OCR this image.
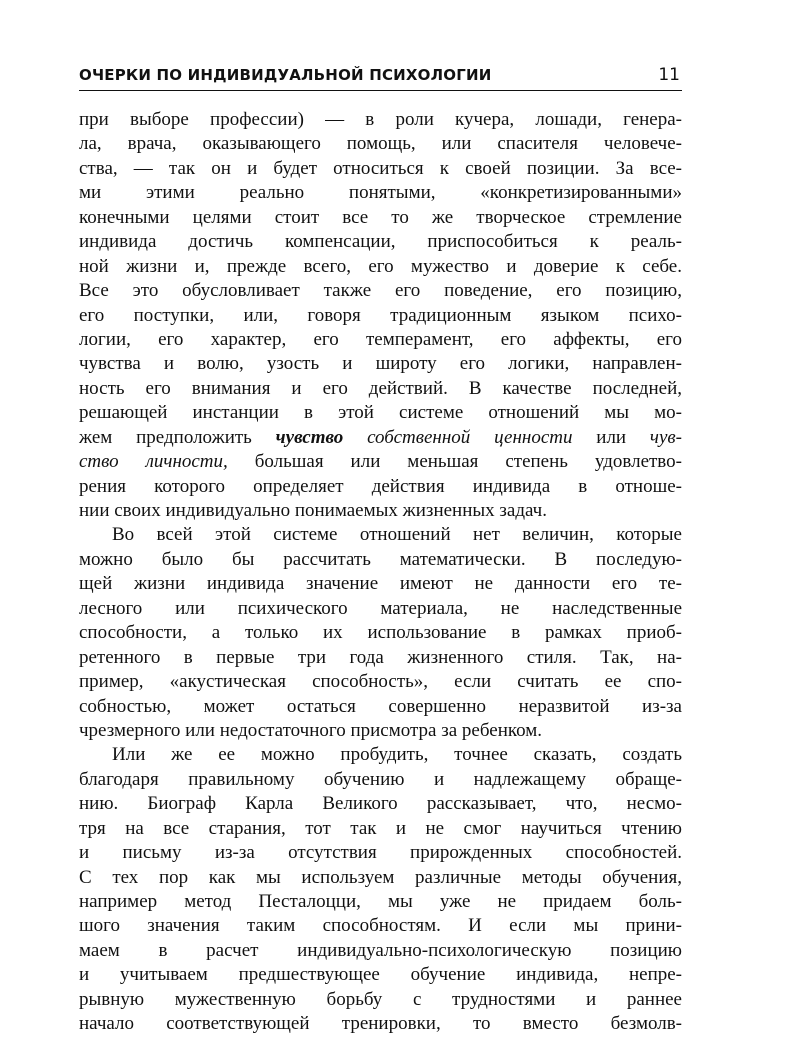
ОЧЕРКИ ПО ИНДИВИДУАЛЬНОЙ ПСИХОЛОГИИ	11
при выборе профессии) — в роли кучера, лошади, генера-
ла, врача, оказывающего помощь, или спасителя человече-
ства, — так он и будет относиться к своей позиции. За все-
ми этими реально понятыми, «конкретизированными»
конечными целями стоит все то же творческое стремление
индивида достичь компенсации, приспособиться к реаль-
ной жизни и, прежде всего, его мужество и доверие к себе.
Все это обусловливает также его поведение, его позицию,
его поступки, или, говоря традиционным языком психо-
логии, его характер, его темперамент, его аффекты, его
чувства и волю, узость и широту его логики, направлен-
ность его внимания и его действий. В качестве последней,
решающей инстанции в этой системе отношений мы мо-
жем предположить чувство собственной ценности или чув-
ство личности, большая или меньшая степень удовлетво-
рения которого определяет действия индивида в отноше-
нии своих индивидуально понимаемых жизненных задач.
Во всей этой системе отношений нет величин, которые
можно было бы рассчитать математически. В последую-
щей жизни индивида значение имеют не данности его те-
лесного или психического материала, не наследственные
способности, а только их использование в рамках приоб-
ретенного в первые три года жизненного стиля. Так, на-
пример, «акустическая способность», если считать ее спо-
собностью, может остаться совершенно неразвитой из-за
чрезмерного или недостаточного присмотра за ребенком.
Или же ее можно пробудить, точнее сказать, создать
благодаря правильному обучению и надлежащему обраще-
нию. Биограф Карла Великого рассказывает, что, несмо-
тря на все старания, тот так и не смог научиться чтению
и письму из-за отсутствия прирожденных способностей.
С тех пор как мы используем различные методы обучения,
например метод Песталоцци, мы уже не придаем боль-
шого значения таким способностям. И если мы прини-
маем в расчет индивидуально-психологическую позицию
и учитываем предшествующее обучение индивида, непре-
рывную мужественную борьбу с трудностями и раннее
начало соответствующей тренировки, то вместо безмолв-
